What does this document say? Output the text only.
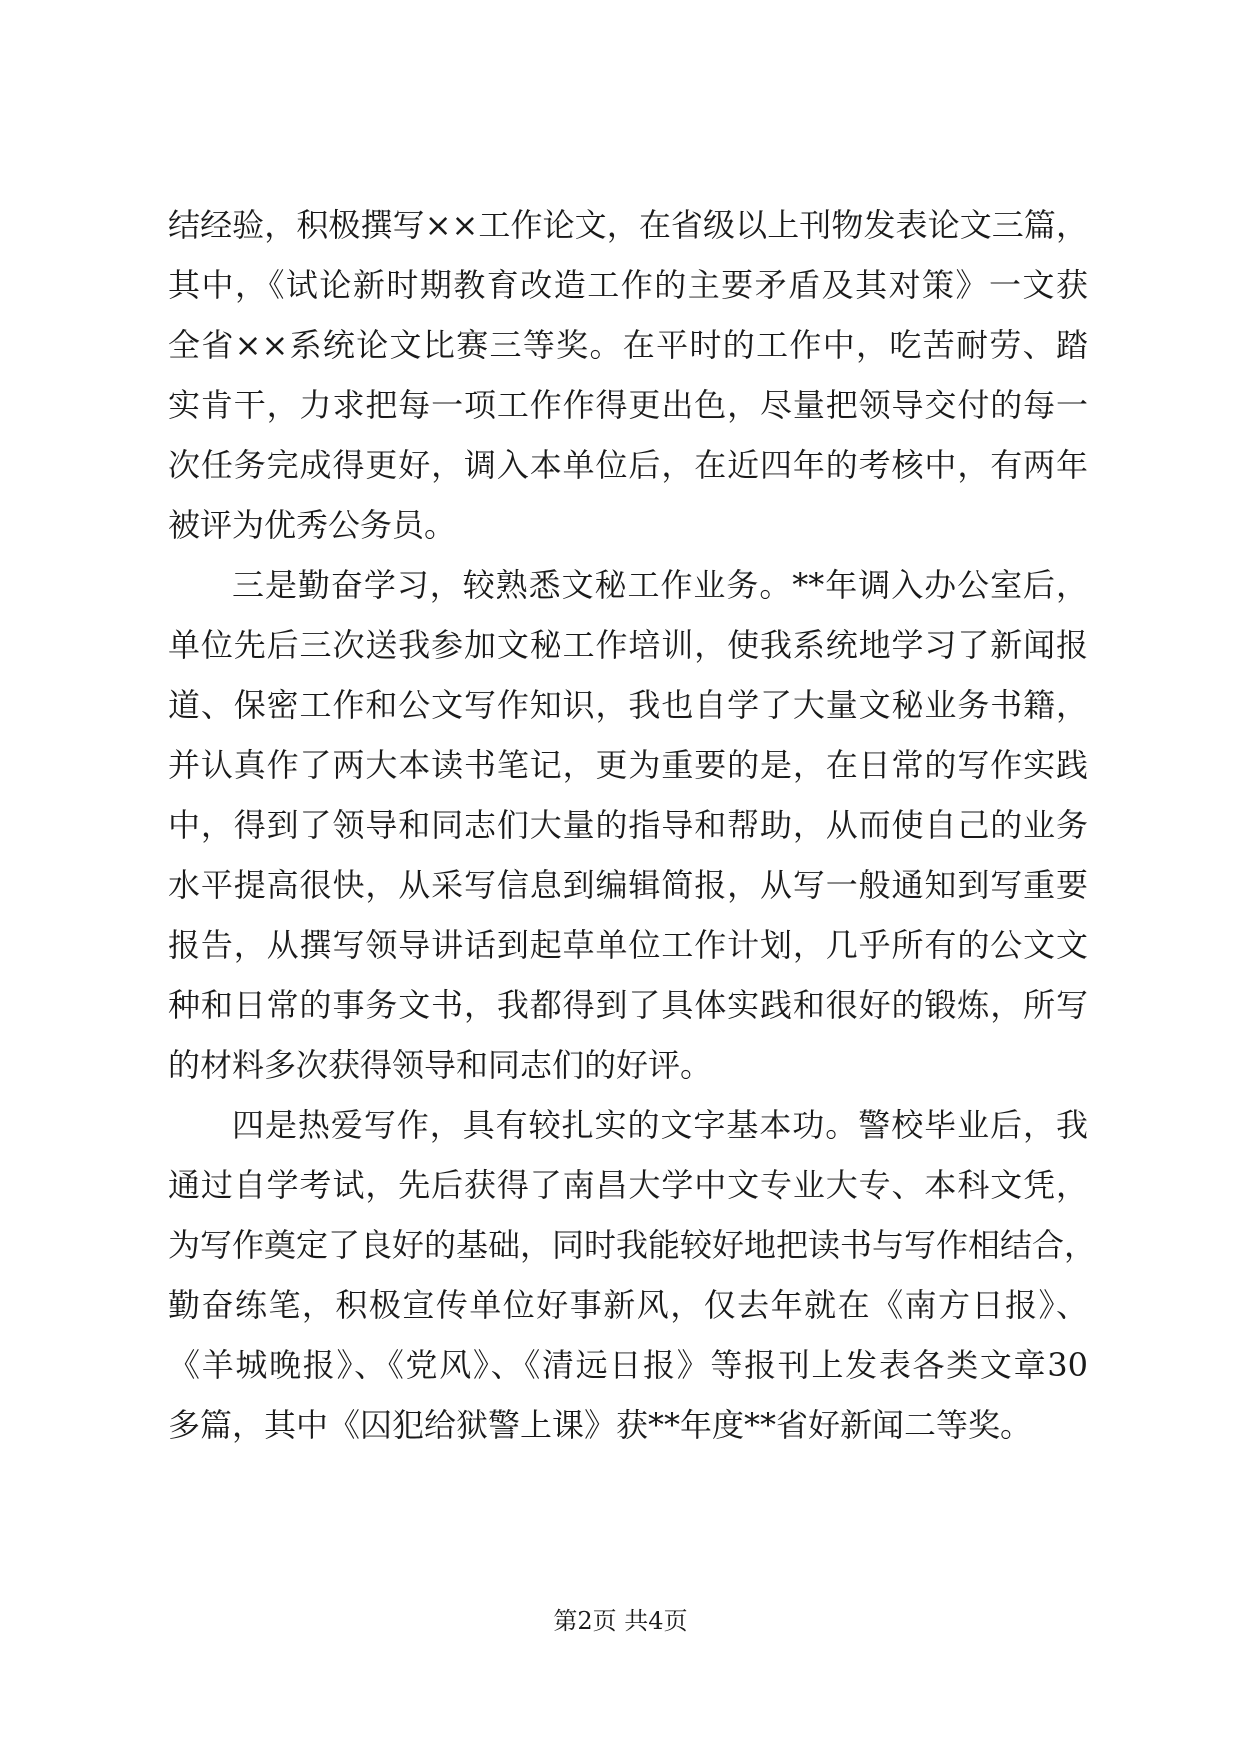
结经验，积极撰写××工作论文，在省级以上刊物发表论文三篇，
其中，《试论新时期教育改造工作的主要矛盾及其对策》一文获
全省××系统论文比赛三等奖。在平时的工作中，吃苦耐劳、踏
实肯干，力求把每一项工作作得更出色，尽量把领导交付的每一
次任务完成得更好，调入本单位后，在近四年的考核中，有两年
被评为优秀公务员。
三是勤奋学习，较熟悉文秘工作业务。**年调入办公室后，
单位先后三次送我参加文秘工作培训，使我系统地学习了新闻报
道、保密工作和公文写作知识，我也自学了大量文秘业务书籍，
并认真作了两大本读书笔记，更为重要的是，在日常的写作实践
中，得到了领导和同志们大量的指导和帮助，从而使自己的业务
水平提高很快，从采写信息到编辑简报，从写一般通知到写重要
报告，从撰写领导讲话到起草单位工作计划，几乎所有的公文文
种和日常的事务文书，我都得到了具体实践和很好的锻炼，所写
的材料多次获得领导和同志们的好评。
四是热爱写作，具有较扎实的文字基本功。警校毕业后，我
通过自学考试，先后获得了南昌大学中文专业大专、本科文凭，
为写作奠定了良好的基础，同时我能较好地把读书与写作相结合，
勤奋练笔，积极宣传单位好事新风，仅去年就在《南方日报》、
《羊城晚报》、《党风》、《清远日报》等报刊上发表各类文章30
多篇，其中《囚犯给狱警上课》获**年度**省好新闻二等奖。
第2页 共4页
